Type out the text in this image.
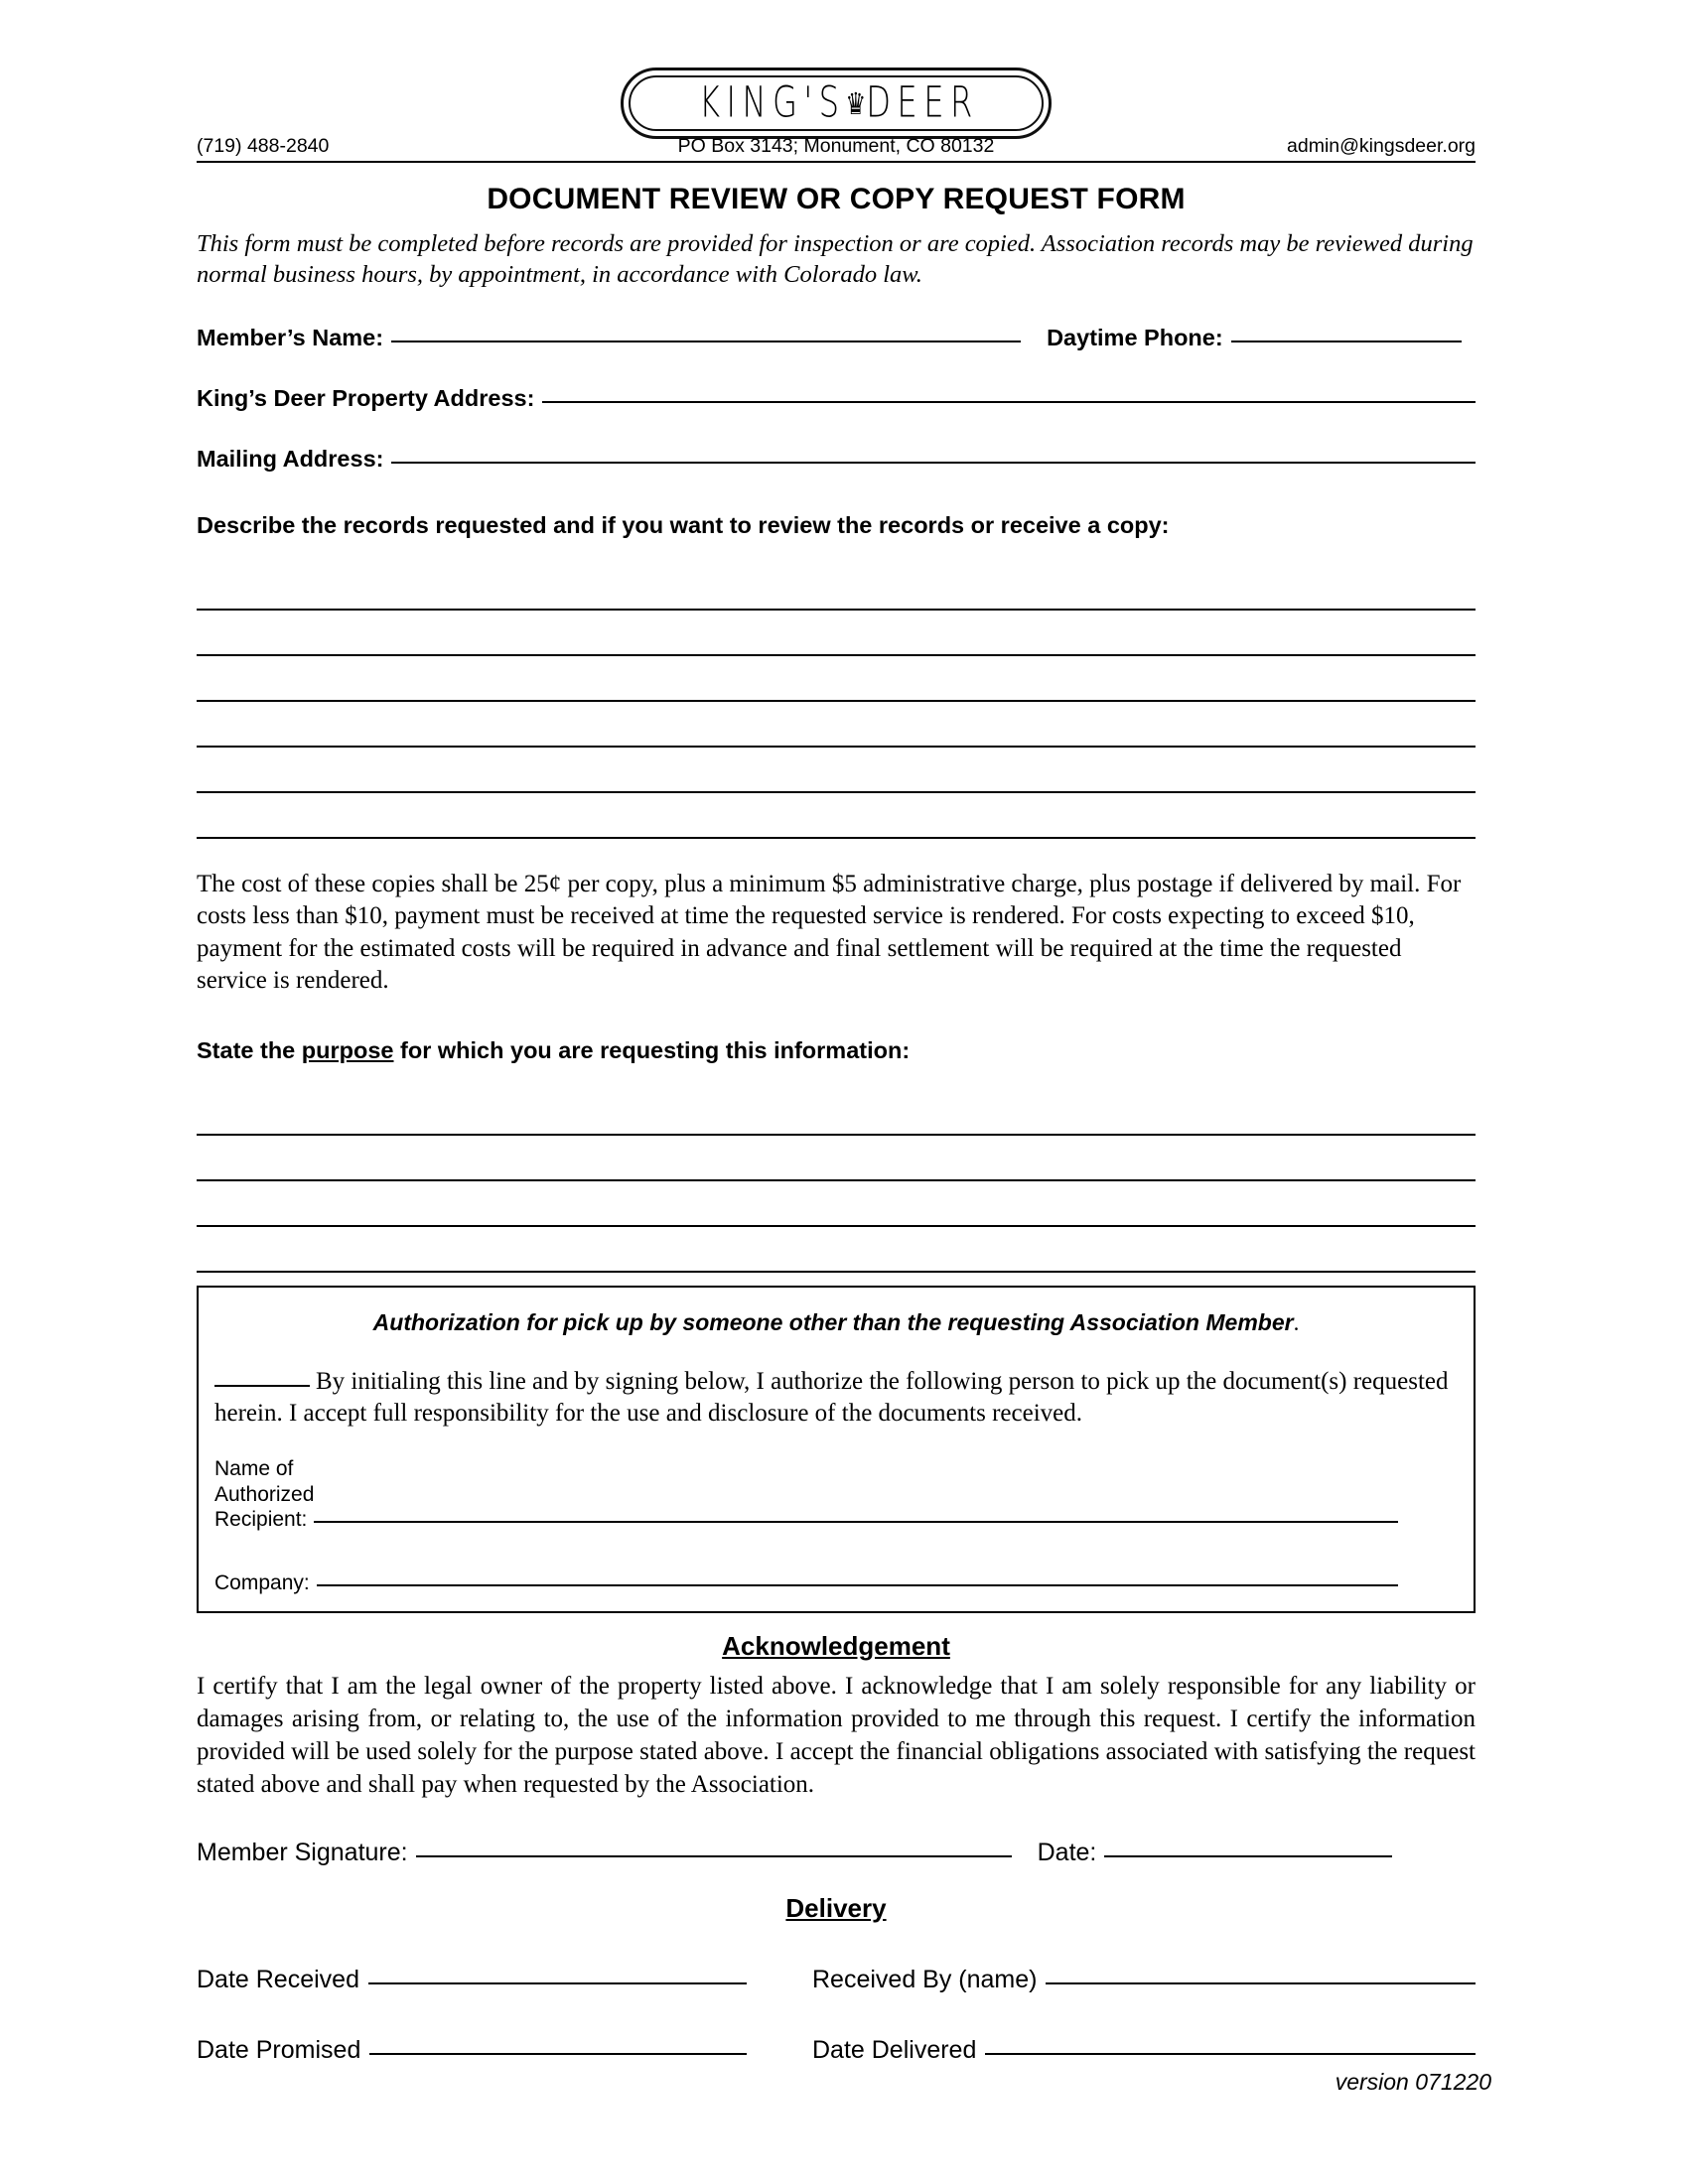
KING'S♛DEER
(719) 488-2840	PO Box 3143; Monument, CO 80132	admin@kingsdeer.org
DOCUMENT REVIEW OR COPY REQUEST FORM
This form must be completed before records are provided for inspection or are copied. Association records may be reviewed during normal business hours, by appointment, in accordance with Colorado law.
Member’s Name:	Daytime Phone:
King’s Deer Property Address:
Mailing Address:
Describe the records requested and if you want to review the records or receive a copy:
The cost of these copies shall be 25¢ per copy, plus a minimum $5 administrative charge, plus postage if delivered by mail. For costs less than $10, payment must be received at time the requested service is rendered. For costs expecting to exceed $10, payment for the estimated costs will be required in advance and final settlement will be required at the time the requested service is rendered.
State the purpose for which you are requesting this information:
Authorization for pick up by someone other than the requesting Association Member.
By initialing this line and by signing below, I authorize the following person to pick up the document(s) requested herein. I accept full responsibility for the use and disclosure of the documents received.
Name of
Authorized
Recipient:
Company:
Acknowledgement
I certify that I am the legal owner of the property listed above. I acknowledge that I am solely responsible for any liability or damages arising from, or relating to, the use of the information provided to me through this request. I certify the information provided will be used solely for the purpose stated above. I accept the financial obligations associated with satisfying the request stated above and shall pay when requested by the Association.
Member Signature:	Date:
Delivery
Date Received	Received By (name)
Date Promised	Date Delivered
version 071220
